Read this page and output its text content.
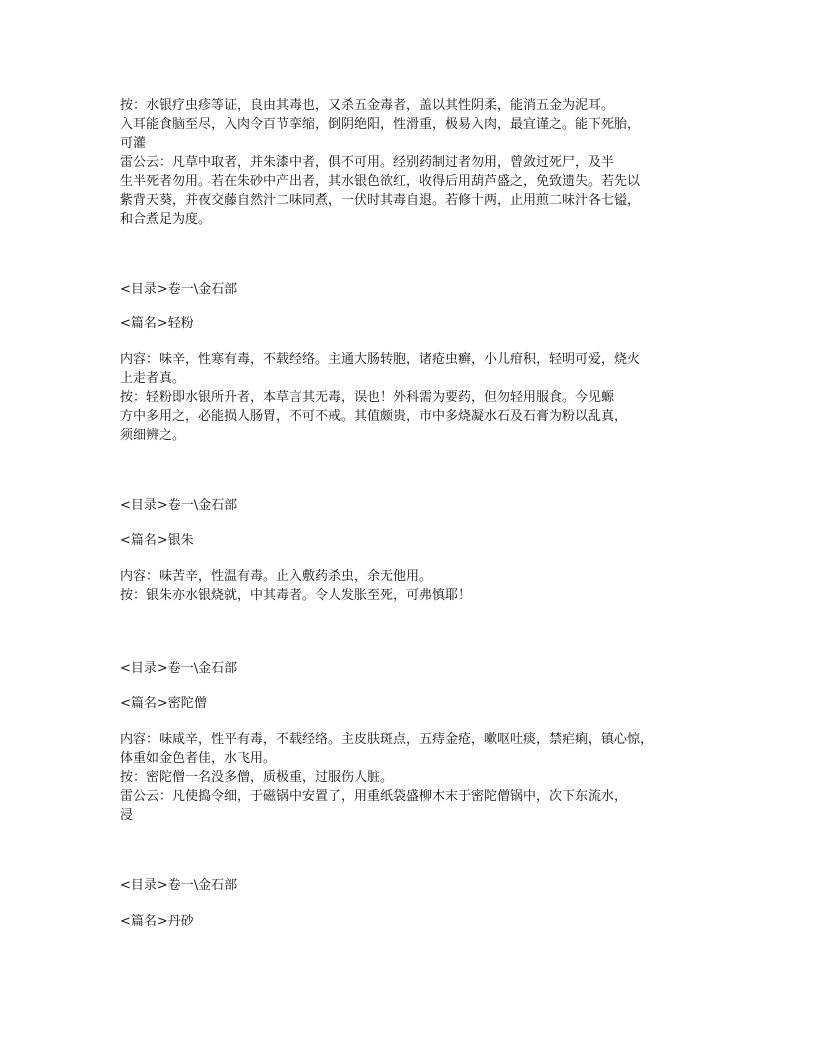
按：水银疗虫疹等证，良由其毒也，又杀五金毒者，盖以其性阴柔，能消五金为泥耳。

入耳能食脑至尽，入肉令百节挛缩，倒阴绝阳，性滑重，极易入肉，最宜谨之。能下死胎，

可灌

雷公云：凡草中取者，并朱漆中者，俱不可用。经别药制过者勿用，曾敛过死尸，及半

生半死者勿用。若在朱砂中产出者，其水银色欲红，收得后用葫芦盛之，免致遗失。若先以

紫背天葵，并夜交藤自然汁二味同煮，一伏时其毒自退。若修十两，止用煎二味汁各七镒，

和合煮足为度。

<目录>卷一\金石部

<篇名>轻粉

内容：味辛，性寒有毒，不载经络。主通大肠转胞，诸疮虫癣，小儿疳积，轻明可爱，烧火

上走者真。

按：轻粉即水银所升者，本草言其无毒，误也！外科需为要药，但勿轻用服食。今见螈

方中多用之，必能损人肠胃，不可不戒。其值颇贵，市中多烧凝水石及石膏为粉以乱真，

须细辨之。

<目录>卷一\金石部

<篇名>银朱

内容：味苦辛，性温有毒。止入敷药杀虫，余无他用。

按：银朱亦水银烧就，中其毒者。令人发胀至死，可弗慎耶！

<目录>卷一\金石部

<篇名>密陀僧

内容：味咸辛，性平有毒，不载经络。主皮肤斑点，五痔金疮，嗽呕吐痰，禁疟痢，镇心惊，

体重如金色者佳，水飞用。

按：密陀僧一名没多僧，质极重，过服伤人脏。

雷公云：凡使捣令细，于磁锅中安置了，用重纸袋盛柳木末于密陀僧锅中，次下东流水，

浸

<目录>卷一\金石部

<篇名>丹砂
